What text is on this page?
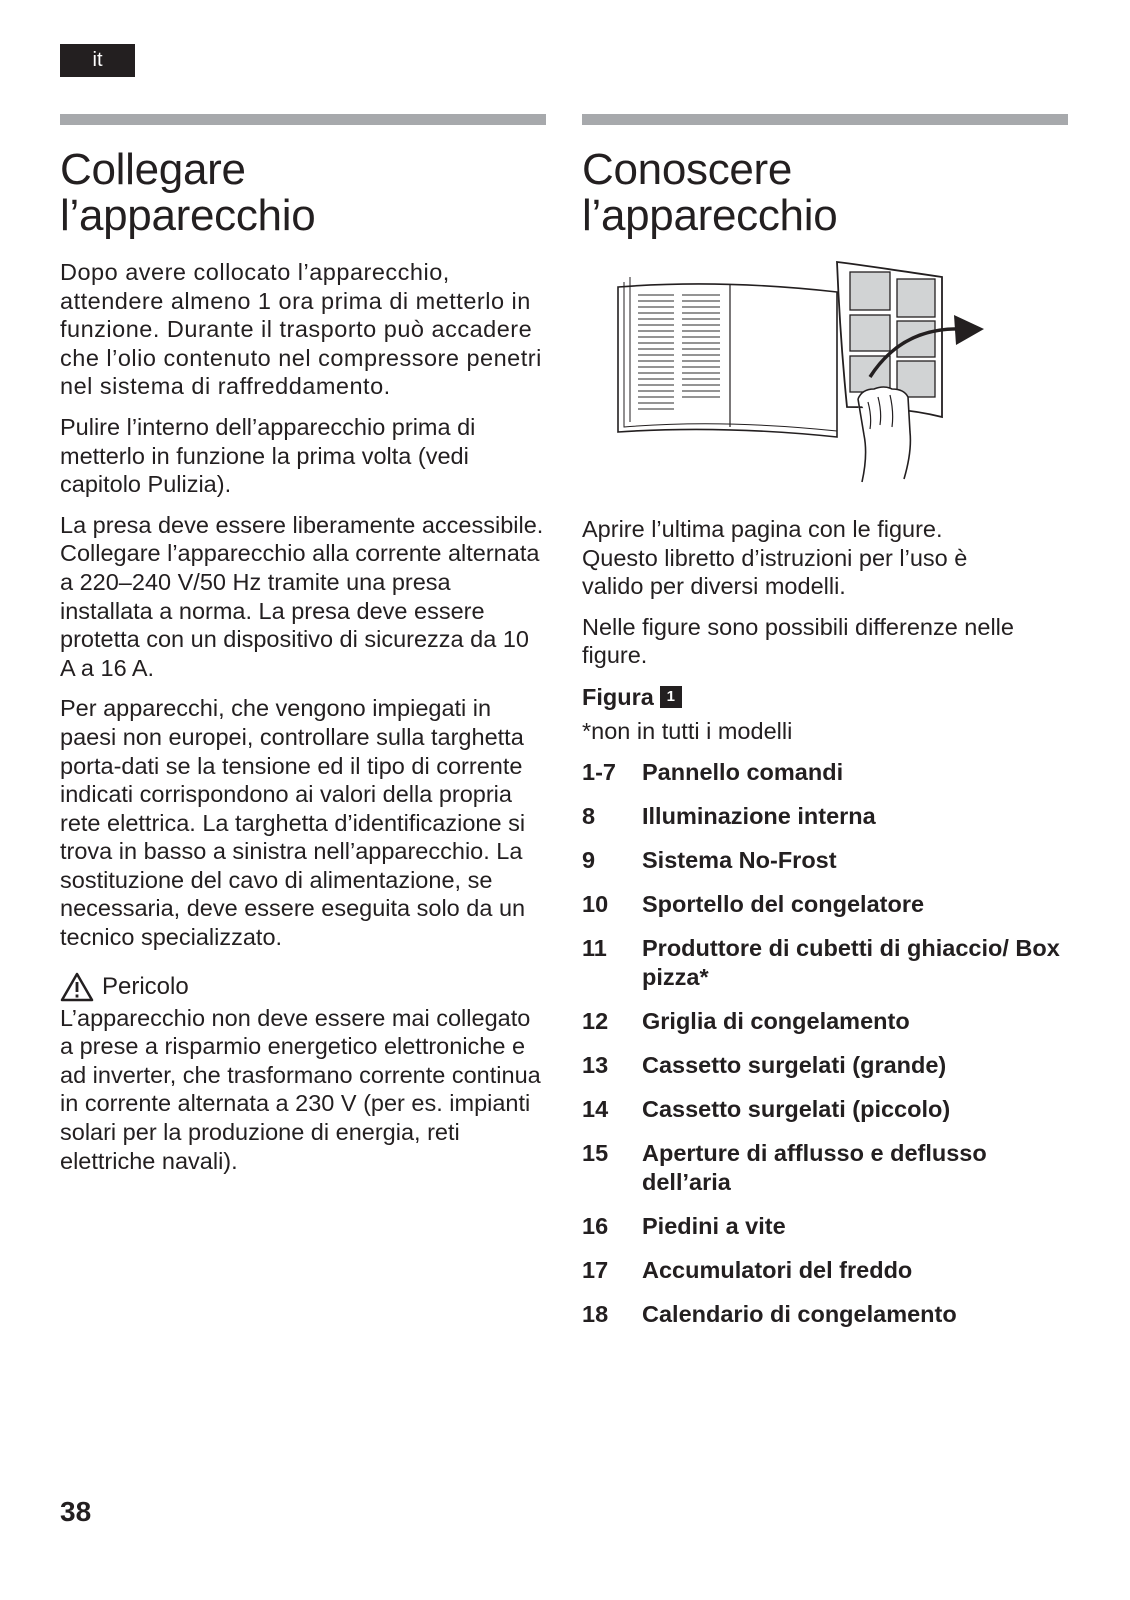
it
Collegare l’apparecchio

Dopo avere collocato l’apparecchio, attendere almeno 1 ora prima di metterlo in funzione. Durante il trasporto può accadere che l’olio contenuto nel compressore penetri nel sistema di raffreddamento.

Pulire l’interno dell’apparecchio prima di metterlo in funzione la prima volta (vedi capitolo Pulizia).

La presa deve essere liberamente accessibile. Collegare l’apparecchio alla corrente alternata a 220–240 V/50 Hz tramite una presa installata a norma. La presa deve essere protetta con un dispositivo di sicurezza da 10 A a 16 A.

Per apparecchi, che vengono impiegati in paesi non europei, controllare sulla targhetta porta-dati se la tensione ed il tipo di corrente indicati corrispondono ai valori della propria rete elettrica. La targhetta d’identificazione si trova in basso a sinistra nell’apparecchio. La sostituzione del cavo di alimentazione, se necessaria, deve essere eseguita solo da un tecnico specializzato.

Pericolo

L’apparecchio non deve essere mai collegato a prese a risparmio energetico elettroniche e ad inverter, che trasformano corrente continua in corrente alternata a 230 V (per es. impianti solari per la produzione di energia, reti elettriche navali).

Conoscere l’apparecchio

Aprire l’ultima pagina con le figure. Questo libretto d’istruzioni per l’uso è valido per diversi modelli.

Nelle figure sono possibili differenze nelle figure.

Figura 1
*non in tutti i modelli
1-7	Pannello comandi
8	Illuminazione interna
9	Sistema No-Frost
10	Sportello del congelatore
11	Produttore di cubetti di ghiaccio/ Box pizza*
12	Griglia di congelamento
13	Cassetto surgelati (grande)
14	Cassetto surgelati (piccolo)
15	Aperture di afflusso e deflusso dell’aria
16	Piedini a vite
17	Accumulatori del freddo
18	Calendario di congelamento
38
